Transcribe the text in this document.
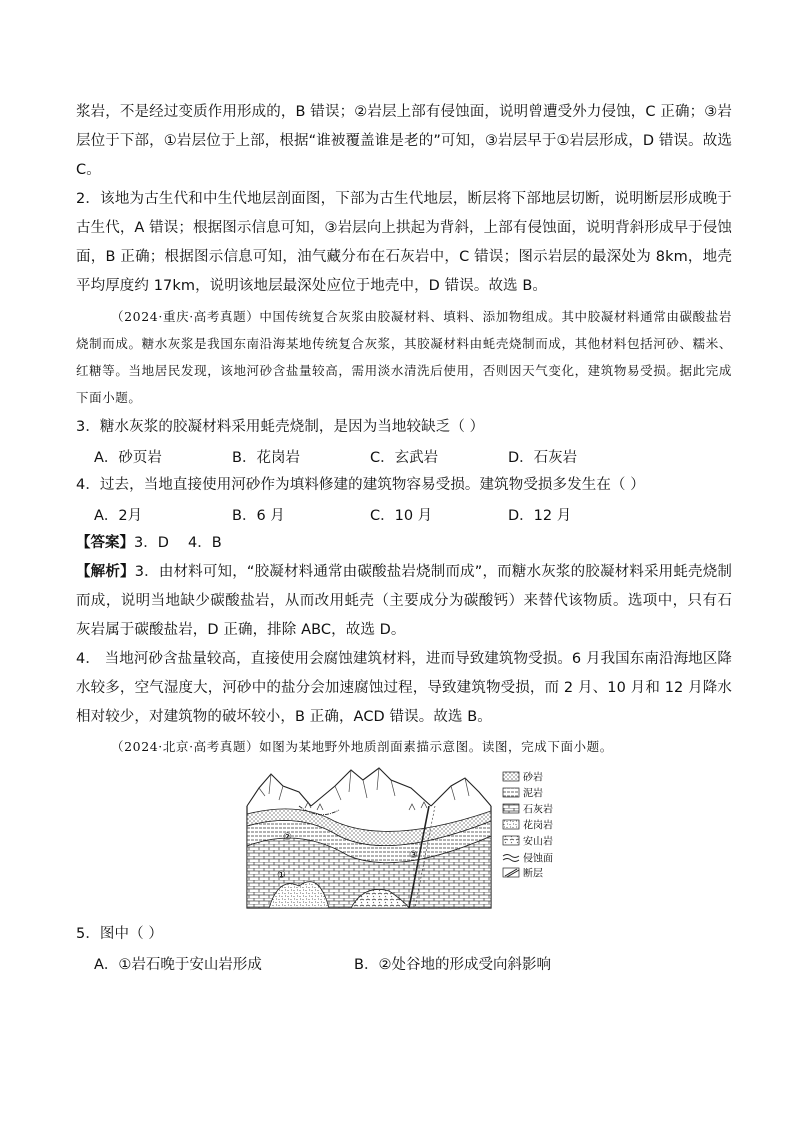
浆岩，不是经过变质作用形成的，B 错误；②岩层上部有侵蚀面，说明曾遭受外力侵蚀，C 正确；③岩层位于下部，①岩层位于上部，根据“谁被覆盖谁是老的”可知，③岩层早于①岩层形成，D 错误。故选 C。

2．该地为古生代和中生代地层剖面图，下部为古生代地层，断层将下部地层切断，说明断层形成晚于古生代，A 错误；根据图示信息可知，③岩层向上拱起为背斜，上部有侵蚀面，说明背斜形成早于侵蚀面，B 正确；根据图示信息可知，油气藏分布在石灰岩中，C 错误；图示岩层的最深处为 8km，地壳平均厚度约 17km，说明该地层最深处应位于地壳中，D 错误。故选 B。

（2024·重庆·高考真题）中国传统复合灰浆由胶凝材料、填料、添加物组成。其中胶凝材料通常由碳酸盐岩烧制而成。糖水灰浆是我国东南沿海某地传统复合灰浆，其胶凝材料由蚝壳烧制而成，其他材料包括河砂、糯米、红糖等。当地居民发现，该地河砂含盐量较高，需用淡水清洗后使用，否则因天气变化，建筑物易受损。据此完成下面小题。

3．糖水灰浆的胶凝材料采用蚝壳烧制，是因为当地较缺乏（ ）
A．砂页岩	B．花岗岩	C．玄武岩	D．石灰岩
4．过去，当地直接使用河砂作为填料修建的建筑物容易受损。建筑物受损多发生在（ ）
A．2月	B．6 月	C．10 月	D．12 月
【答案】3．D　 4．B

【解析】3．由材料可知，“胶凝材料通常由碳酸盐岩烧制而成”，而糖水灰浆的胶凝材料采用蚝壳烧制而成，说明当地缺少碳酸盐岩，从而改用蚝壳（主要成分为碳酸钙）来替代该物质。选项中，只有石灰岩属于碳酸盐岩，D 正确，排除 ABC，故选 D。

4． 当地河砂含盐量较高，直接使用会腐蚀建筑材料，进而导致建筑物受损。6 月我国东南沿海地区降水较多，空气湿度大，河砂中的盐分会加速腐蚀过程，导致建筑物受损，而 2 月、10 月和 12 月降水相对较少，对建筑物的破坏较小，B 正确，ACD 错误。故选 B。

（2024·北京·高考真题）如图为某地野外地质剖面素描示意图。读图，完成下面小题。

②
①
③
砂岩
泥岩
石灰岩
花岗岩
安山岩
侵蚀面
断层
5．图中（ ）
A．①岩石晚于安山岩形成	B．②处谷地的形成受向斜影响
